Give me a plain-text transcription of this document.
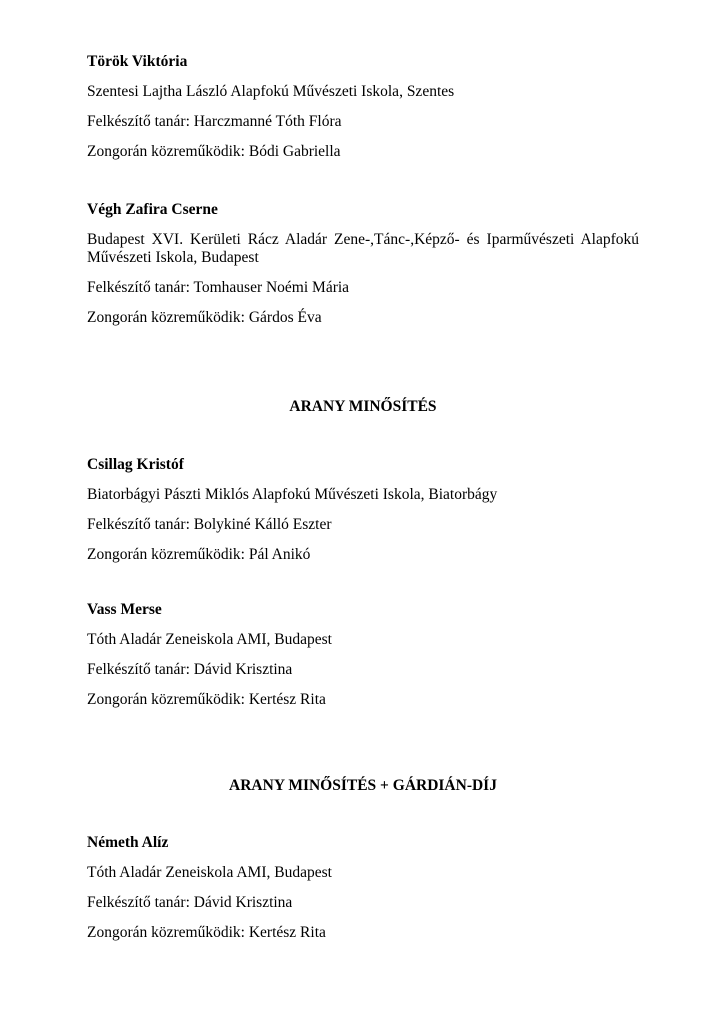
Török Viktória

Szentesi Lajtha László Alapfokú Művészeti Iskola, Szentes

Felkészítő tanár: Harczmanné Tóth Flóra

Zongorán közreműködik: Bódi Gabriella

Végh Zafira Cserne

Budapest XVI. Kerületi Rácz Aladár Zene-,Tánc-,Képző- és Iparművészeti Alapfokú Művészeti Iskola, Budapest

Felkészítő tanár: Tomhauser Noémi Mária

Zongorán közreműködik: Gárdos Éva

ARANY MINŐSÍTÉS

Csillag Kristóf

Biatorbágyi Pászti Miklós Alapfokú Művészeti Iskola, Biatorbágy

Felkészítő tanár: Bolykiné Kálló Eszter

Zongorán közreműködik: Pál Anikó

Vass Merse

Tóth Aladár Zeneiskola AMI, Budapest

Felkészítő tanár: Dávid Krisztina

Zongorán közreműködik: Kertész Rita

ARANY MINŐSÍTÉS + GÁRDIÁN-DÍJ

Németh Alíz

Tóth Aladár Zeneiskola AMI, Budapest

Felkészítő tanár: Dávid Krisztina

Zongorán közreműködik: Kertész Rita
